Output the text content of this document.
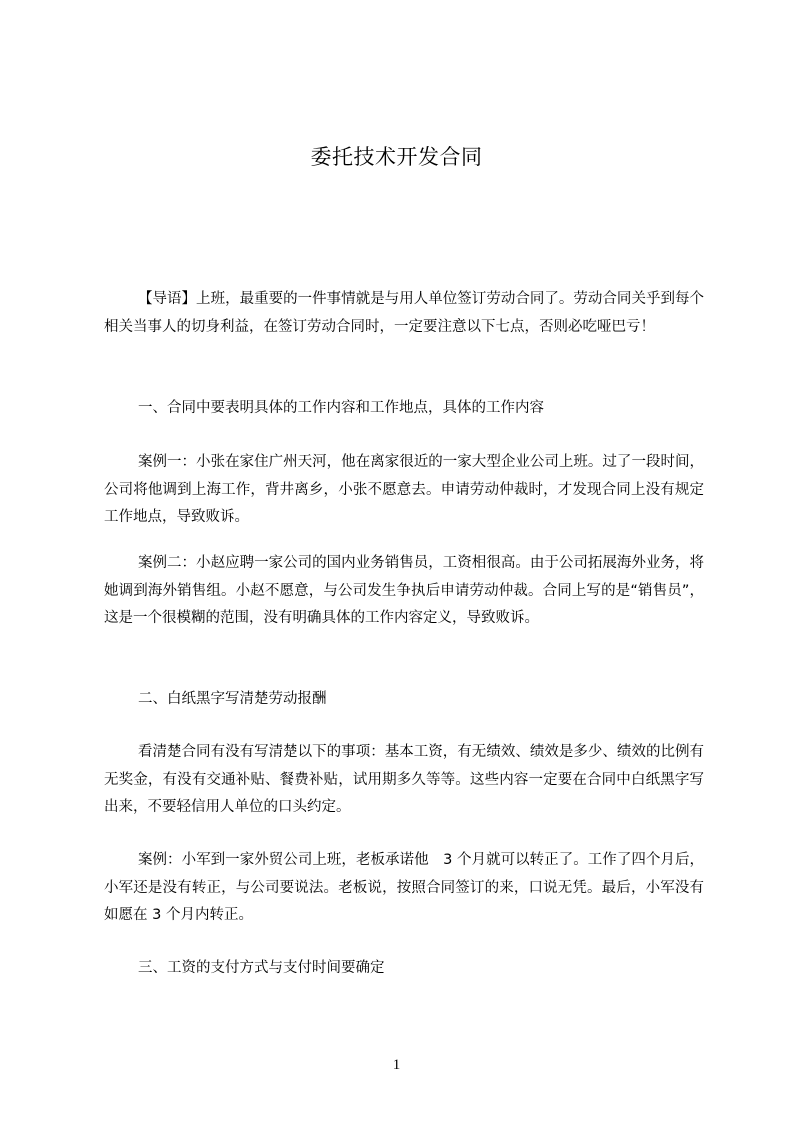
委托技术开发合同

【导语】上班，最重要的一件事情就是与用人单位签订劳动合同了。劳动合同关乎到每个相关当事人的切身利益，在签订劳动合同时，一定要注意以下七点，否则必吃哑巴亏！

一、合同中要表明具体的工作内容和工作地点，具体的工作内容

案例一：小张在家住广州天河，他在离家很近的一家大型企业公司上班。过了一段时间，公司将他调到上海工作，背井离乡，小张不愿意去。申请劳动仲裁时，才发现合同上没有规定工作地点，导致败诉。

案例二：小赵应聘一家公司的国内业务销售员，工资相很高。由于公司拓展海外业务，将她调到海外销售组。小赵不愿意，与公司发生争执后申请劳动仲裁。合同上写的是“销售员”，这是一个很模糊的范围，没有明确具体的工作内容定义，导致败诉。

二、白纸黑字写清楚劳动报酬

看清楚合同有没有写清楚以下的事项：基本工资，有无绩效、绩效是多少、绩效的比例有无奖金，有没有交通补贴、餐费补贴，试用期多久等等。这些内容一定要在合同中白纸黑字写出来，不要轻信用人单位的口头约定。

案例：小军到一家外贸公司上班，老板承诺他　3 个月就可以转正了。工作了四个月后，小军还是没有转正，与公司要说法。老板说，按照合同签订的来，口说无凭。最后，小军没有如愿在 3 个月内转正。

三、工资的支付方式与支付时间要确定

1
